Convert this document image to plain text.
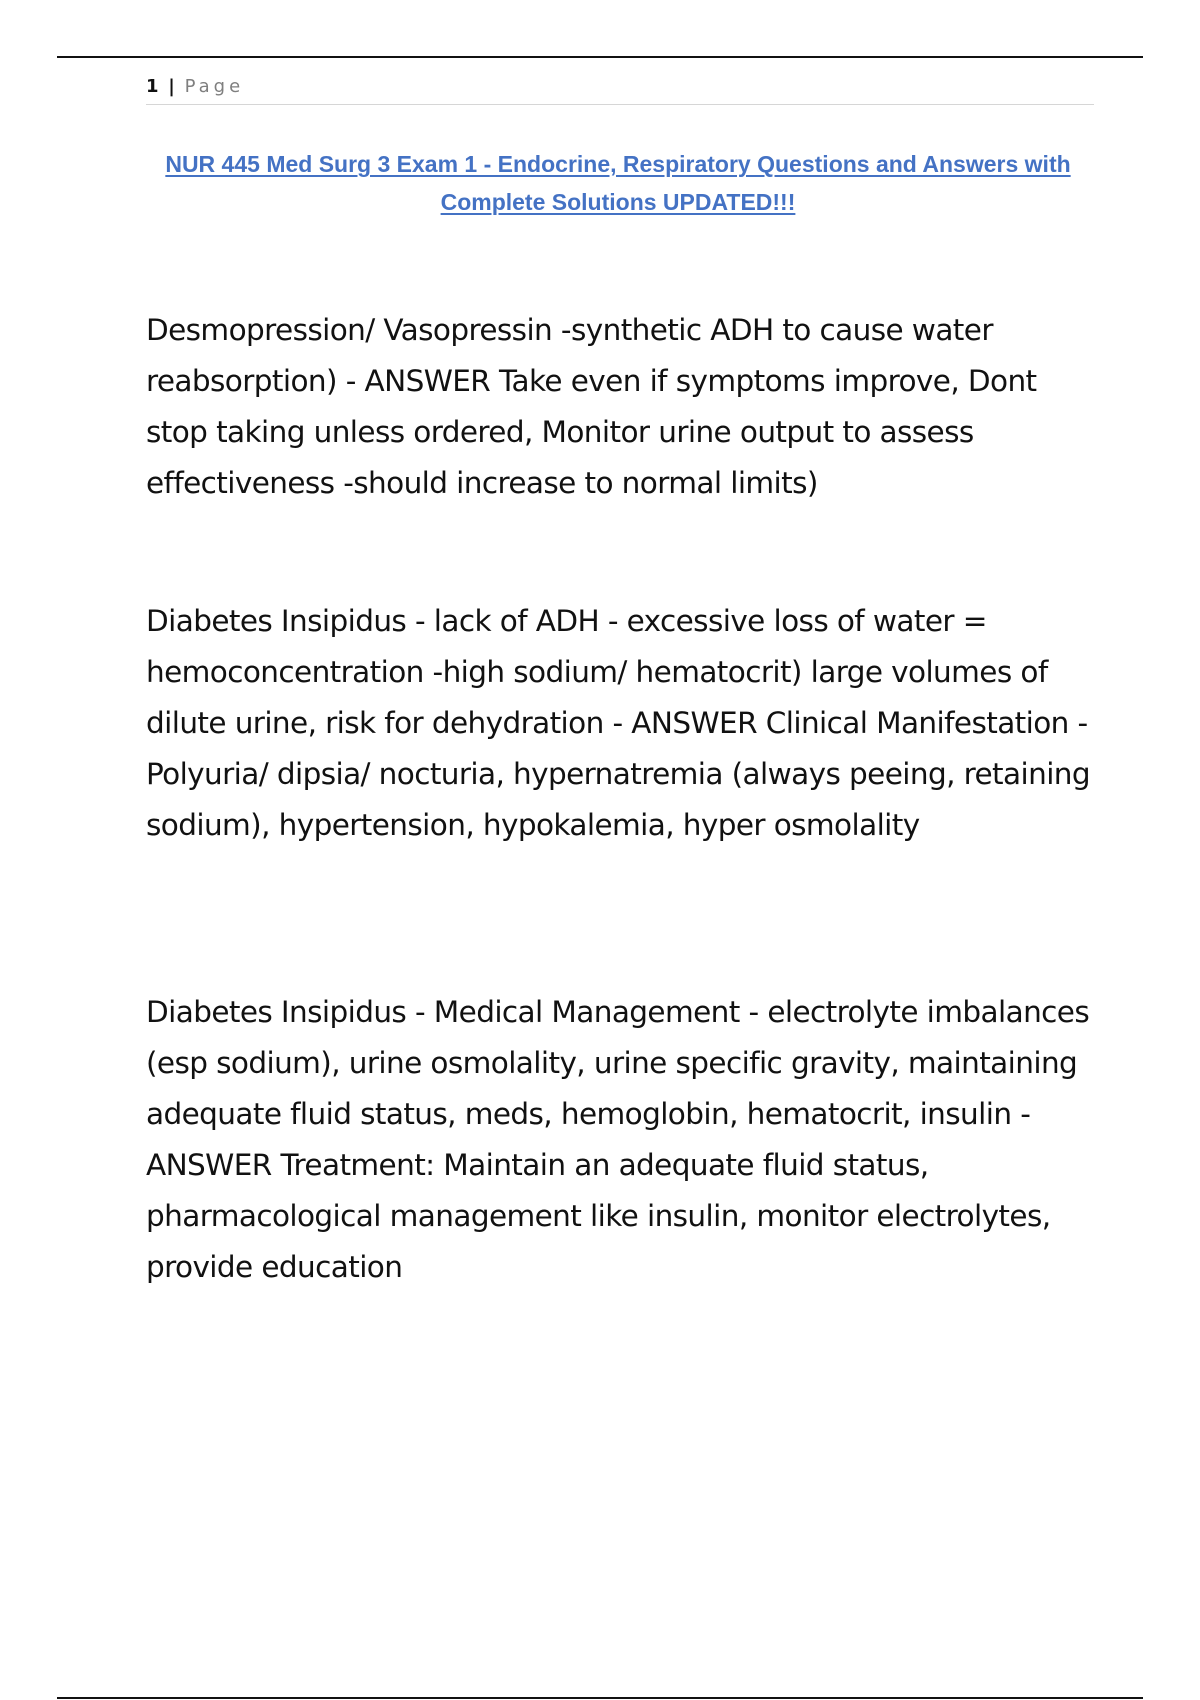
1 | Page
NUR 445 Med Surg 3 Exam 1 - Endocrine, Respiratory Questions and Answers with Complete Solutions UPDATED!!!
Desmopression/ Vasopressin -synthetic ADH to cause water reabsorption) - ANSWER Take even if symptoms improve, Dont stop taking unless ordered, Monitor urine output to assess effectiveness -should increase to normal limits)
Diabetes Insipidus - lack of ADH - excessive loss of water = hemoconcentration -high sodium/ hematocrit) large volumes of dilute urine, risk for dehydration - ANSWER Clinical Manifestation - Polyuria/ dipsia/ nocturia, hypernatremia (always peeing, retaining sodium), hypertension, hypokalemia, hyper osmolality
Diabetes Insipidus - Medical Management - electrolyte imbalances (esp sodium), urine osmolality, urine specific gravity, maintaining adequate fluid status, meds, hemoglobin, hematocrit, insulin - ANSWER Treatment: Maintain an adequate fluid status, pharmacological management like insulin, monitor electrolytes, provide education
